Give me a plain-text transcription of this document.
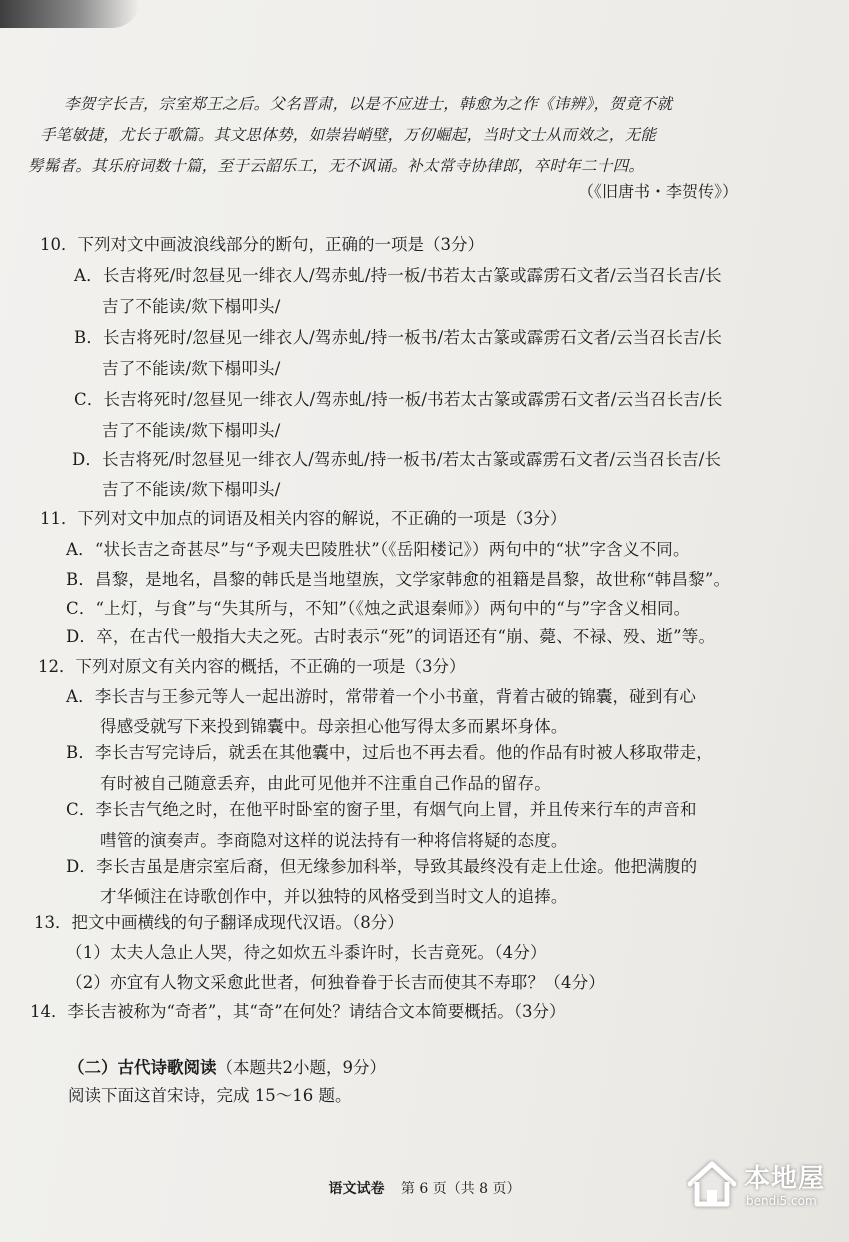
李贺字长吉，宗室郑王之后。父名晋肃，以是不应进士，韩愈为之作《讳辨》，贺竟不就
手笔敏捷，尤长于歌篇。其文思体势，如崇岩峭壁，万仞崛起，当时文士从而效之，无能
髣髴者。其乐府词数十篇，至于云韶乐工，无不讽诵。补太常寺协律郎，卒时年二十四。
（《旧唐书・李贺传》）
10．下列对文中画波浪线部分的断句，正确的一项是（3分）
A．长吉将死/时忽昼见一绯衣人/驾赤虬/持一板/书若太古篆或霹雳石文者/云当召长吉/长
吉了不能读/欻下榻叩头/
B．长吉将死时/忽昼见一绯衣人/驾赤虬/持一板书/若太古篆或霹雳石文者/云当召长吉/长
吉了不能读/欻下榻叩头/
C．长吉将死时/忽昼见一绯衣人/驾赤虬/持一板/书若太古篆或霹雳石文者/云当召长吉/长
吉了不能读/欻下榻叩头/
D．长吉将死/时忽昼见一绯衣人/驾赤虬/持一板书/若太古篆或霹雳石文者/云当召长吉/长
吉了不能读/欻下榻叩头/
11．下列对文中加点的词语及相关内容的解说，不正确的一项是（3分）
A．“状长吉之奇甚尽”与“予观夫巴陵胜状”（《岳阳楼记》）两句中的“状”字含义不同。
B．昌黎，是地名，昌黎的韩氏是当地望族，文学家韩愈的祖籍是昌黎，故世称“韩昌黎”。
C．“上灯，与食”与“失其所与，不知”（《烛之武退秦师》）两句中的“与”字含义相同。
D．卒，在古代一般指大夫之死。古时表示“死”的词语还有“崩、薨、不禄、殁、逝”等。
12．下列对原文有关内容的概括，不正确的一项是（3分）
A．李长吉与王参元等人一起出游时，常带着一个小书童，背着古破的锦囊，碰到有心
得感受就写下来投到锦囊中。母亲担心他写得太多而累坏身体。
B．李长吉写完诗后，就丢在其他囊中，过后也不再去看。他的作品有时被人移取带走，
有时被自己随意丢弃，由此可见他并不注重自己作品的留存。
C．李长吉气绝之时，在他平时卧室的窗子里，有烟气向上冒，并且传来行车的声音和
嘒管的演奏声。李商隐对这样的说法持有一种将信将疑的态度。
D．李长吉虽是唐宗室后裔，但无缘参加科举，导致其最终没有走上仕途。他把满腹的
才华倾注在诗歌创作中，并以独特的风格受到当时文人的追捧。
13．把文中画横线的句子翻译成现代汉语。（8分）
（1）太夫人急止人哭，待之如炊五斗黍许时，长吉竟死。（4分）
（2）亦宜有人物文采愈此世者，何独眷眷于长吉而使其不寿耶？（4分）
14．李长吉被称为“奇者”，其“奇”在何处？请结合文本简要概括。（3分）
（二）古代诗歌阅读（本题共2小题，9分）
阅读下面这首宋诗，完成 15～16 题。
语文试卷 第 6 页（共 8 页）	本地屋
bendi5.com
